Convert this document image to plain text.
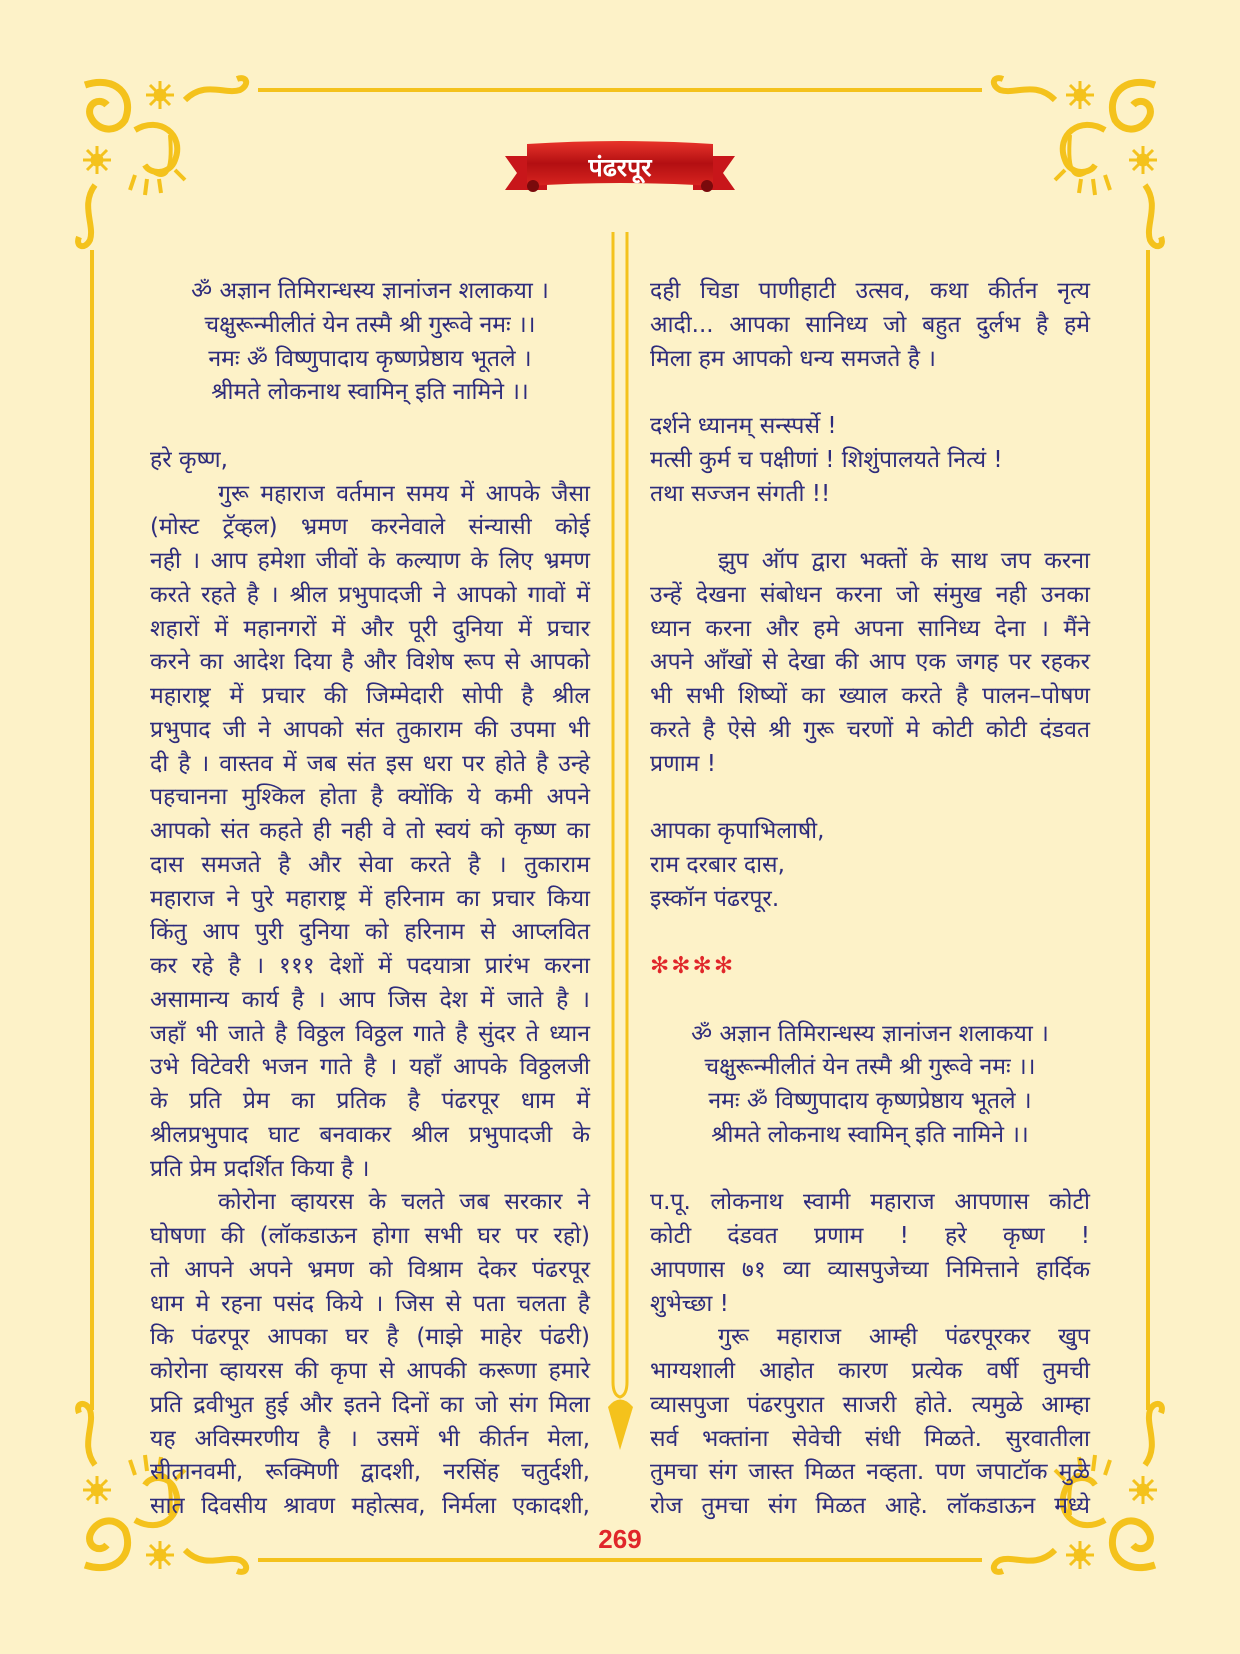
पंढरपूर
ॐ अज्ञान तिमिरान्धस्य ज्ञानांजन शलाकया ।
चक्षुरून्मीलीतं येन तस्मै श्री गुरूवे नमः ।।
नमः ॐ विष्णुपादाय कृष्णप्रेष्ठाय भूतले ।
श्रीमते लोकनाथ स्वामिन् इति नामिने ।।
हरे कृष्ण,
गुरू महाराज वर्तमान समय में आपके जैसा
(मोस्ट ट्रॅव्हल) भ्रमण करनेवाले संन्यासी कोई
नही । आप हमेशा जीवों के कल्याण के लिए भ्रमण
करते रहते है । श्रील प्रभुपादजी ने आपको गावों में
शहारों में महानगरों में और पूरी दुनिया में प्रचार
करने का आदेश दिया है और विशेष रूप से आपको
महाराष्ट्र में प्रचार की जिम्मेदारी सोपी है श्रील
प्रभुपाद जी ने आपको संत तुकाराम की उपमा भी
दी है । वास्तव में जब संत इस धरा पर होते है उन्हे
पहचानना मुश्किल होता है क्योंकि ये कमी अपने
आपको संत कहते ही नही वे तो स्वयं को कृष्ण का
दास समजते है और सेवा करते है । तुकाराम
महाराज ने पुरे महाराष्ट्र में हरिनाम का प्रचार किया
किंतु आप पुरी दुनिया को हरिनाम से आप्लवित
कर रहे है । १११ देशों में पदयात्रा प्रारंभ करना
असामान्य कार्य है । आप जिस देश में जाते है ।
जहाँ भी जाते है विठ्ठल विठ्ठल गाते है सुंदर ते ध्यान
उभे विटेवरी भजन गाते है । यहाँ आपके विठ्ठलजी
के प्रति प्रेम का प्रतिक है पंढरपूर धाम में
श्रीलप्रभुपाद घाट बनवाकर श्रील प्रभुपादजी के
प्रति प्रेम प्रदर्शित किया है ।
कोरोना व्हायरस के चलते जब सरकार ने
घोषणा की (लॉकडाऊन होगा सभी घर पर रहो)
तो आपने अपने भ्रमण को विश्राम देकर पंढरपूर
धाम मे रहना पसंद किये । जिस से पता चलता है
कि पंढरपूर आपका घर है (माझे माहेर पंढरी)
कोरोना व्हायरस की कृपा से आपकी करूणा हमारे
प्रति द्रवीभुत हुई और इतने दिनों का जो संग मिला
यह अविस्मरणीय है । उसमें भी कीर्तन मेला,
सीतानवमी, रूक्मिणी द्वादशी, नरसिंह चतुर्दशी,
सात दिवसीय श्रावण महोत्सव, निर्मला एकादशी,
दही चिडा पाणीहाटी उत्सव, कथा कीर्तन नृत्य
आदी... आपका सानिध्य जो बहुत दुर्लभ है हमे
मिला हम आपको धन्य समजते है ।
दर्शने ध्यानम् सन्स्पर्से !
मत्सी कुर्म च पक्षीणां ! शिशुंपालयते नित्यं !
तथा सज्जन संगती !!
झुप ऑप द्वारा भक्तों के साथ जप करना
उन्हें देखना संबोधन करना जो संमुख नही उनका
ध्यान करना और हमे अपना सानिध्य देना । मैंने
अपने आँखों से देखा की आप एक जगह पर रहकर
भी सभी शिष्यों का ख्याल करते है पालन–पोषण
करते है ऐसे श्री गुरू चरणों मे कोटी कोटी दंडवत
प्रणाम !
आपका कृपाभिलाषी,
राम दरबार दास,
इस्कॉन पंढरपूर.
✻✻✻✻
ॐ अज्ञान तिमिरान्धस्य ज्ञानांजन शलाकया ।
चक्षुरून्मीलीतं येन तस्मै श्री गुरूवे नमः ।।
नमः ॐ विष्णुपादाय कृष्णप्रेष्ठाय भूतले ।
श्रीमते लोकनाथ स्वामिन् इति नामिने ।।
प.पू. लोकनाथ स्वामी महाराज आपणास कोटी
कोटी दंडवत प्रणाम ! हरे कृष्ण !
आपणास ७१ व्या व्यासपुजेच्या निमित्ताने हार्दिक
शुभेच्छा !
गुरू महाराज आम्ही पंढरपूरकर खुप
भाग्यशाली आहोत कारण प्रत्येक वर्षी तुमची
व्यासपुजा पंढरपुरात साजरी होते. त्यमुळे आम्हा
सर्व भक्तांना सेवेची संधी मिळते. सुरवातीला
तुमचा संग जास्त मिळत नव्हता. पण जपाटॉक मुळे
रोज तुमचा संग मिळत आहे. लॉकडाऊन मध्ये
269
